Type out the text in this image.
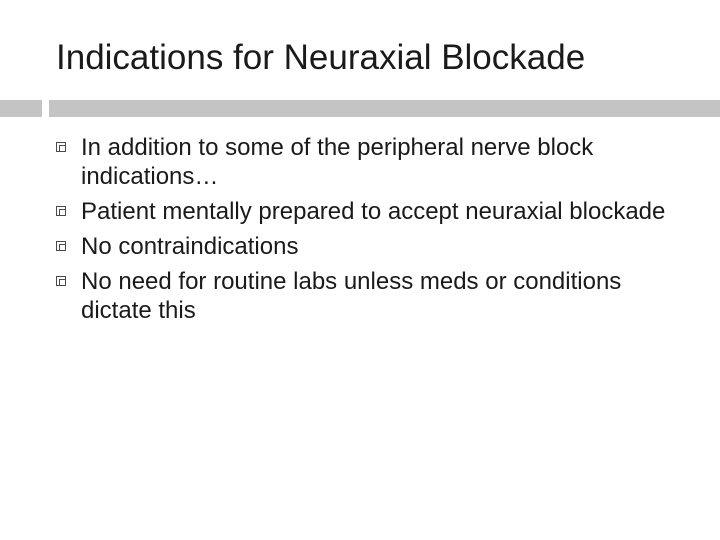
Indications for Neuraxial Blockade
In addition to some of the peripheral nerve block indications…
Patient mentally prepared to accept neuraxial blockade
No contraindications
No need for routine labs unless meds or conditions dictate this
